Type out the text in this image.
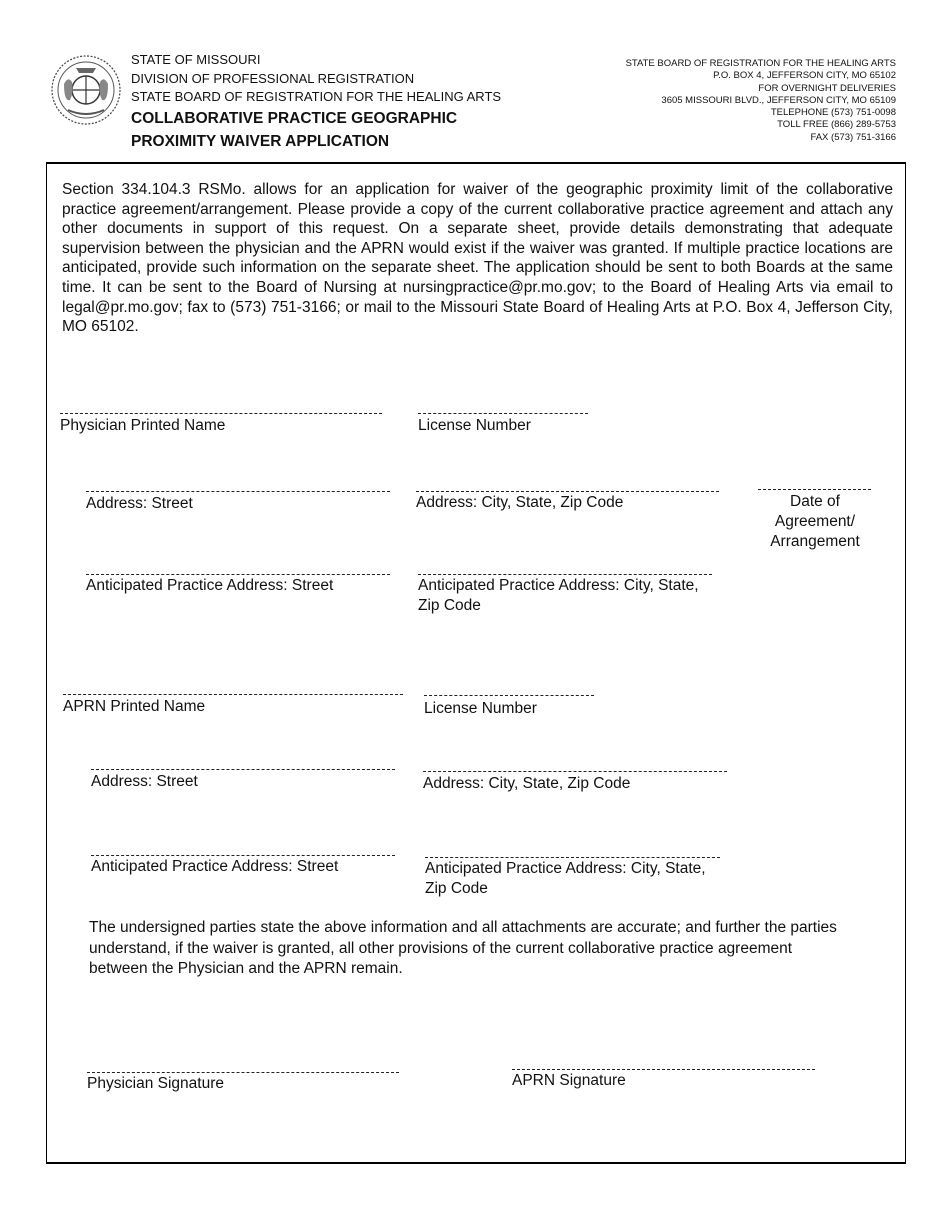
STATE OF MISSOURI
DIVISION OF PROFESSIONAL REGISTRATION
STATE BOARD OF REGISTRATION FOR THE HEALING ARTS
COLLABORATIVE PRACTICE GEOGRAPHIC
PROXIMITY WAIVER APPLICATION
STATE BOARD OF REGISTRATION FOR THE HEALING ARTS
P.O. BOX 4, JEFFERSON CITY, MO 65102
FOR OVERNIGHT DELIVERIES
3605 MISSOURI BLVD., JEFFERSON CITY, MO 65109
TELEPHONE (573) 751-0098
TOLL FREE (866) 289-5753
FAX (573) 751-3166
Section 334.104.3 RSMo. allows for an application for waiver of the geographic proximity limit of the collaborative practice agreement/arrangement. Please provide a copy of the current collaborative practice agreement and attach any other documents in support of this request. On a separate sheet, provide details demonstrating that adequate supervision between the physician and the APRN would exist if the waiver was granted. If multiple practice locations are anticipated, provide such information on the separate sheet. The application should be sent to both Boards at the same time. It can be sent to the Board of Nursing at nursingpractice@pr.mo.gov; to the Board of Healing Arts via email to legal@pr.mo.gov; fax to (573) 751-3166; or mail to the Missouri State Board of Healing Arts at P.O. Box 4, Jefferson City, MO 65102.
Physician Printed Name	License Number
Address: Street	Address: City, State, Zip Code	Date of Agreement/ Arrangement
Anticipated Practice Address: Street	Anticipated Practice Address: City, State, Zip Code
APRN Printed Name	License Number
Address: Street	Address: City, State, Zip Code
Anticipated Practice Address: Street	Anticipated Practice Address: City, State, Zip Code
The undersigned parties state the above information and all attachments are accurate; and further the parties understand, if the waiver is granted, all other provisions of the current collaborative practice agreement between the Physician and the APRN remain.
Physician Signature	APRN Signature
